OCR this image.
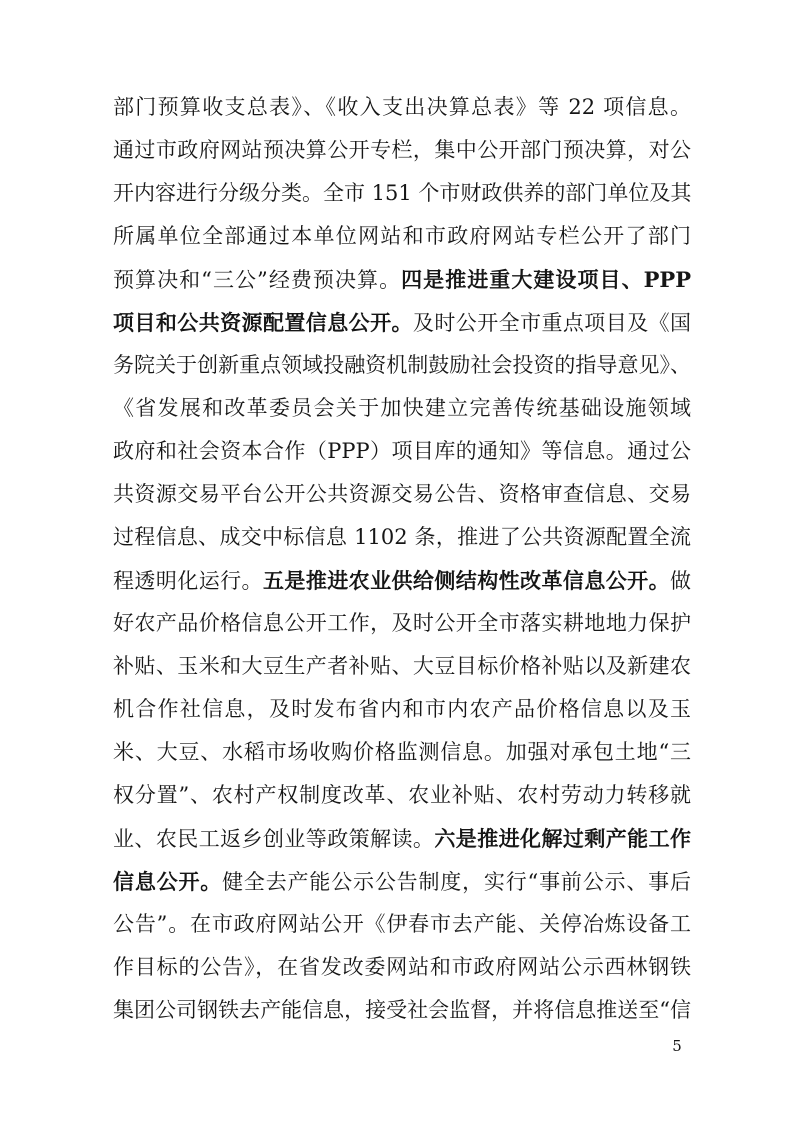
部门预算收支总表》、《收入支出决算总表》等 22 项信息。
通过市政府网站预决算公开专栏，集中公开部门预决算，对公
开内容进行分级分类。全市 151 个市财政供养的部门单位及其
所属单位全部通过本单位网站和市政府网站专栏公开了部门
预算决和“三公”经费预决算。四是推进重大建设项目、PPP
项目和公共资源配置信息公开。及时公开全市重点项目及《国
务院关于创新重点领域投融资机制鼓励社会投资的指导意见》、
《省发展和改革委员会关于加快建立完善传统基础设施领域
政府和社会资本合作（PPP）项目库的通知》等信息。通过公
共资源交易平台公开公共资源交易公告、资格审查信息、交易
过程信息、成交中标信息 1102 条，推进了公共资源配置全流
程透明化运行。五是推进农业供给侧结构性改革信息公开。做
好农产品价格信息公开工作，及时公开全市落实耕地地力保护
补贴、玉米和大豆生产者补贴、大豆目标价格补贴以及新建农
机合作社信息，及时发布省内和市内农产品价格信息以及玉
米、大豆、水稻市场收购价格监测信息。加强对承包土地“三
权分置”、农村产权制度改革、农业补贴、农村劳动力转移就
业、农民工返乡创业等政策解读。六是推进化解过剩产能工作
信息公开。健全去产能公示公告制度，实行“事前公示、事后
公告”。在市政府网站公开《伊春市去产能、关停冶炼设备工
作目标的公告》，在省发改委网站和市政府网站公示西林钢铁
集团公司钢铁去产能信息，接受社会监督，并将信息推送至“信
5
